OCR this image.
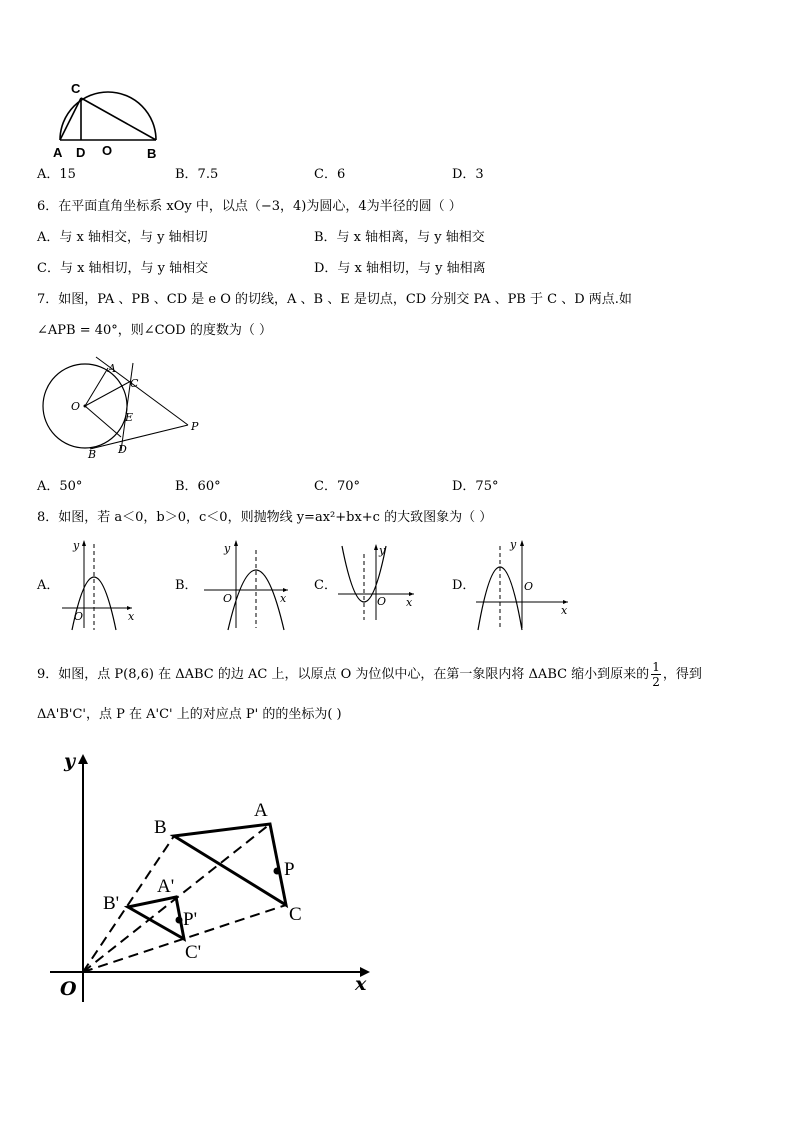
C
A D O	B
A．15	B．7.5	C．6	D．3
6．在平面直角坐标系 xOy 中，以点（−3，4)为圆心，4为半径的圆（ ）
A．与 x 轴相交，与 y 轴相切	B．与 x 轴相离，与 y 轴相交
C．与 x 轴相切，与 y 轴相交	D．与 x 轴相切，与 y 轴相离
7．如图，PA 、PB 、CD 是 e O 的切线，A 、B 、E 是切点，CD 分别交 PA 、PB 于 C 、D 两点.如
∠APB = 40°，则∠COD 的度数为（ ）
A
C
O
E
P
D
B
A．50°	B．60°	C．70°	D．75°
8．如图，若 a＜0，b＞0，c＜0，则抛物线 y=ax²+bx+c 的大致图象为（ ）
A．
y
x
O
B．
y
x
O
C．
y
x
O
D．
y
x
O
9．如图，点 P(8,6) 在 ΔABC 的边 AC 上，以原点 O 为位似中心，在第一象限内将 ΔABC 缩小到原来的 $\frac{1}{2}$ ，得到
ΔA'B'C'，点 P 在 A'C' 上的对应点 P' 的的坐标为( )
y
x
O
A
B
C
P
A'
B'
C'
P'
